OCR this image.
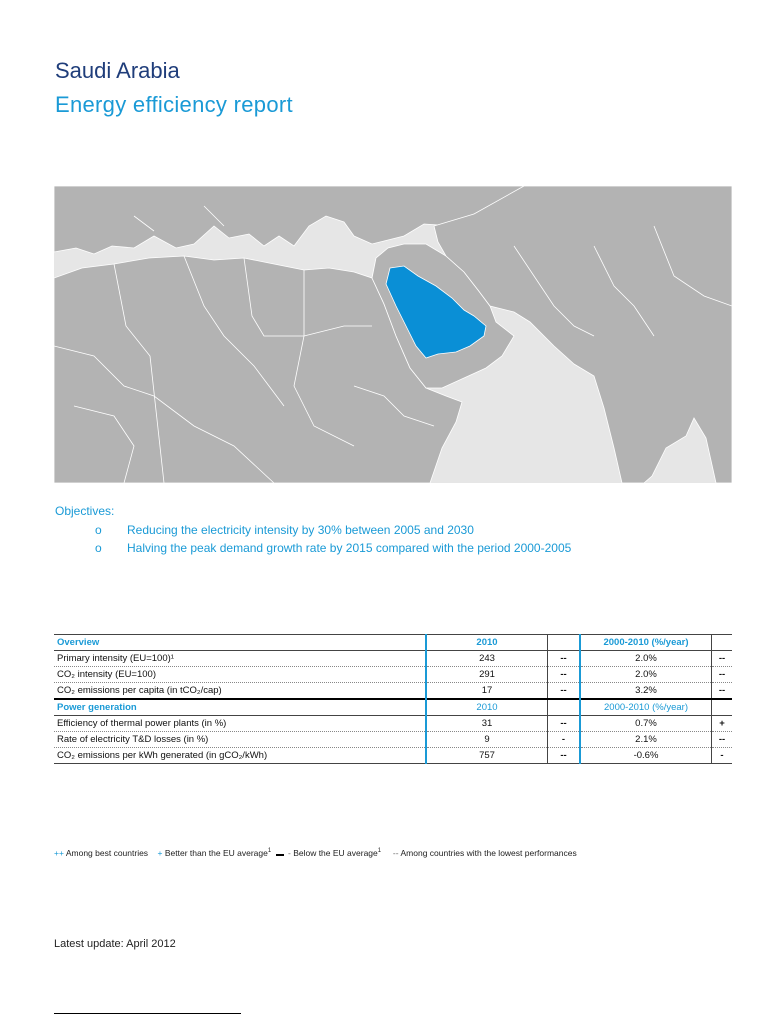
Saudi Arabia
Energy efficiency report
Objectives:
o Reducing the electricity intensity by 30% between 2005 and 2030
o Halving the peak demand growth rate by 2015 compared with the period 2000-2005
Overview	2010		2000-2010 (%/year)	
Primary intensity (EU=100)¹	243	--	2.0%	--
CO₂ intensity (EU=100)	291	--	2.0%	--
CO₂ emissions per capita (in tCO₂/cap)	17	--	3.2%	--
Power generation	2010		2000-2010 (%/year)	
Efficiency of thermal power plants (in %)	31	--	0.7%	+
Rate of electricity T&D losses (in %)	9	-	2.1%	--
CO₂ emissions per kWh generated (in gCO₂/kWh)	757	--	-0.6%	-
++ Among best countries + Better than the EU average$^1$ - Below the EU average$^1$ -- Among countries with the lowest performances
Latest update: April 2012
